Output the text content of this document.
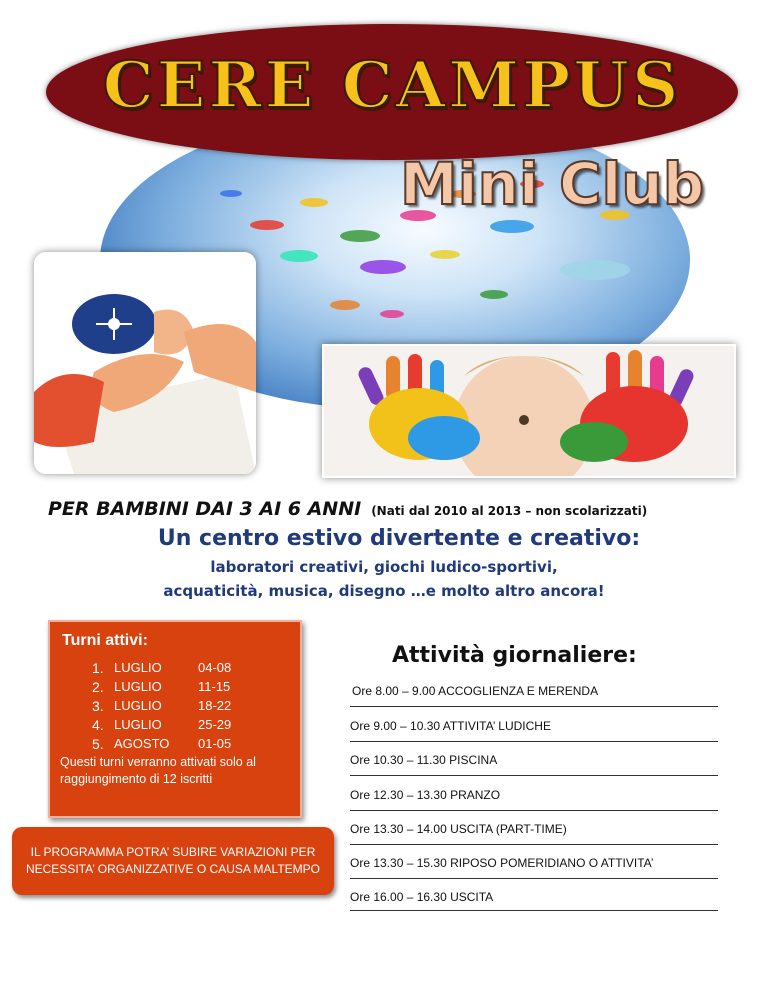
CERE CAMPUS
Mini Club
PER BAMBINI DAI 3 AI 6 ANNI (Nati dal 2010 al 2013 – non scolarizzati)
Un centro estivo divertente e creativo:
laboratori creativi, giochi ludico-sportivi,
acquaticità, musica, disegno …e molto altro ancora!
Turni attivi:
1. LUGLIO	04-08
2. LUGLIO	11-15
3. LUGLIO	18-22
4. LUGLIO	25-29
5. AGOSTO	01-05
Questi turni verranno attivati solo al raggiungimento di 12 iscritti
IL PROGRAMMA POTRA’ SUBIRE VARIAZIONI PER NECESSITA’ ORGANIZZATIVE O CAUSA MALTEMPO
Attività giornaliere:
Ore 8.00 – 9.00 ACCOGLIENZA E MERENDA
Ore 9.00 – 10.30 ATTIVITA’ LUDICHE
Ore 10.30 – 11.30 PISCINA
Ore 12.30 – 13.30 PRANZO
Ore 13.30 – 14.00 USCITA (PART-TIME)
Ore 13.30 – 15.30 RIPOSO POMERIDIANO O ATTIVITA’
Ore 16.00 – 16.30 USCITA
